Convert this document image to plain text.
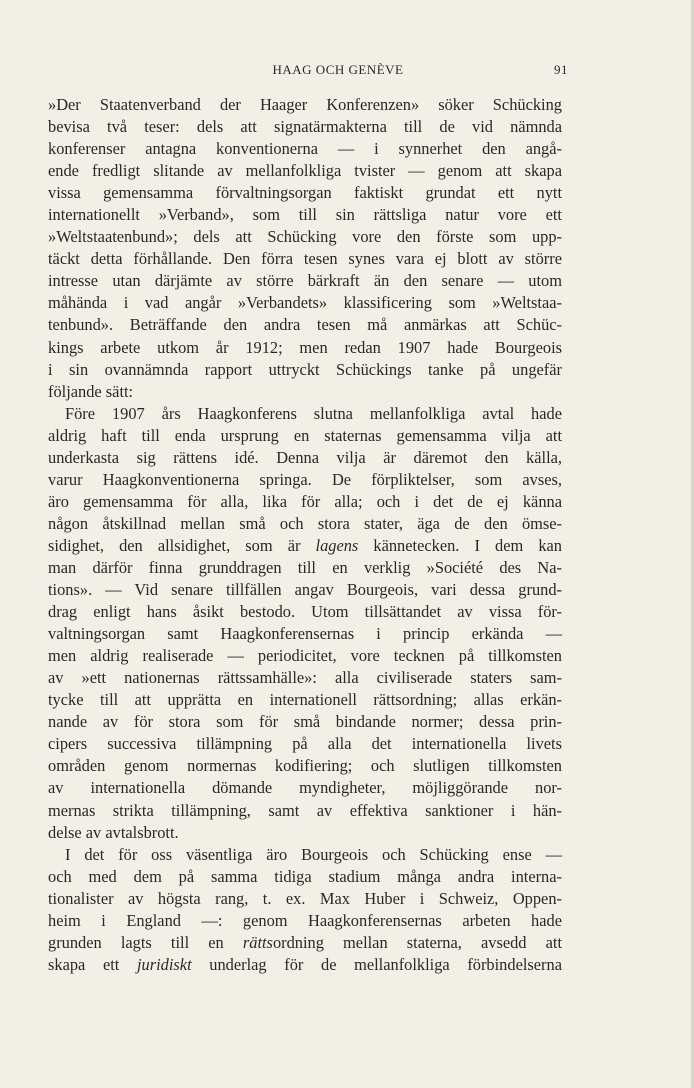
HAAG OCH GENÈVE	91
»Der Staatenverband der Haager Konferenzen» söker Schücking
bevisa två teser: dels att signatärmakterna till de vid nämnda
konferenser antagna konventionerna — i synnerhet den angå-
ende fredligt slitande av mellanfolkliga tvister — genom att skapa
vissa gemensamma förvaltningsorgan faktiskt grundat ett nytt
internationellt »Verband», som till sin rättsliga natur vore ett
»Weltstaatenbund»; dels att Schücking vore den förste som upp-
täckt detta förhållande. Den förra tesen synes vara ej blott av större
intresse utan därjämte av större bärkraft än den senare — utom
måhända i vad angår »Verbandets» klassificering som »Weltstaa-
tenbund». Beträffande den andra tesen må anmärkas att Schüc-
kings arbete utkom år 1912; men redan 1907 hade Bourgeois
i sin ovannämnda rapport uttryckt Schückings tanke på ungefär
följande sätt:
Före 1907 års Haagkonferens slutna mellanfolkliga avtal hade
aldrig haft till enda ursprung en staternas gemensamma vilja att
underkasta sig rättens idé. Denna vilja är däremot den källa,
varur Haagkonventionerna springa. De förpliktelser, som avses,
äro gemensamma för alla, lika för alla; och i det de ej känna
någon åtskillnad mellan små och stora stater, äga de den ömse-
sidighet, den allsidighet, som är lagens kännetecken. I dem kan
man därför finna grunddragen till en verklig »Société des Na-
tions». — Vid senare tillfällen angav Bourgeois, vari dessa grund-
drag enligt hans åsikt bestodo. Utom tillsättandet av vissa för-
valtningsorgan samt Haagkonferensernas i princip erkända —
men aldrig realiserade — periodicitet, vore tecknen på tillkomsten
av »ett nationernas rättssamhälle»: alla civiliserade staters sam-
tycke till att upprätta en internationell rättsordning; allas erkän-
nande av för stora som för små bindande normer; dessa prin-
cipers successiva tillämpning på alla det internationella livets
områden genom normernas kodifiering; och slutligen tillkomsten
av internationella dömande myndigheter, möjliggörande nor-
mernas strikta tillämpning, samt av effektiva sanktioner i hän-
delse av avtalsbrott.
I det för oss väsentliga äro Bourgeois och Schücking ense —
och med dem på samma tidiga stadium många andra interna-
tionalister av högsta rang, t. ex. Max Huber i Schweiz, Oppen-
heim i England —: genom Haagkonferensernas arbeten hade
grunden lagts till en rättsordning mellan staterna, avsedd att
skapa ett juridiskt underlag för de mellanfolkliga förbindelserna
